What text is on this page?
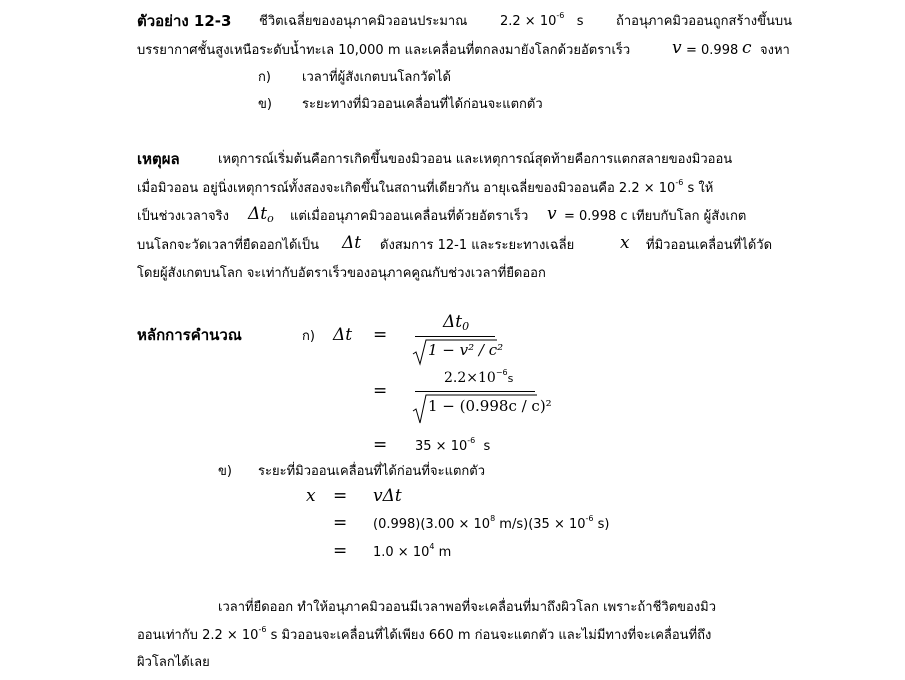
ตัวอย่าง 12-3 ชีวิตเฉลี่ยของอนุภาคมิวออนประมาณ	$2.2 \times 10^{-6}$ s ถ้าอนุภาคมิวออนถูกสร้างขึ้นบน
บรรยากาศชั้นสูงเหนือระดับน้ำทะเล 10,000 m และเคลื่อนที่ตกลงมายังโลกด้วยอัตราเร็ว v = 0.998 c จงหา
ก) เวลาที่ผู้สังเกตบนโลกวัดได้
ข) ระยะทางที่มิวออนเคลื่อนที่ได้ก่อนจะแตกตัว
เหตุผล	เหตุการณ์เริ่มต้นคือการเกิดขึ้นของมิวออน และเหตุการณ์สุดท้ายคือการแตกสลายของมิวออน
เมื่อมิวออน อยู่นิ่งเหตุการณ์ทั้งสองจะเกิดขึ้นในสถานที่เดียวกัน อายุเฉลี่ยของมิวออนคือ $2.2 \times 10^{-6}$ s ให้
เป็นช่วงเวลาจริง $\Delta t_o$ แต่เมื่ออนุภาคมิวออนเคลื่อนที่ด้วยอัตราเร็ว v = 0.998 c เทียบกับโลก ผู้สังเกต
บนโลกจะวัดเวลาที่ยืดออกได้เป็น Δt ดังสมการ 12-1 และระยะทางเฉลี่ย	x ที่มิวออนเคลื่อนที่ได้วัด
โดยผู้สังเกตบนโลก จะเท่ากับอัตราเร็วของอนุภาคคูณกับช่วงเวลาที่ยืดออก
หลักการคำนวณ	ก) Δt =
$\Delta t_0$
1 − v² / c²
=
$2.2\times 10^{-6}s$
1 − (0.998c / c)²
= $35 \times 10^{-6}$ s
ข) ระยะที่มิวออนเคลื่อนที่ได้ก่อนที่จะแตกตัว
x = vΔt
= $(0.998)(3.00 \times 10^8$ $m/s)(35 \times 10^{-6}$ s)
= $1.0 \times 10^4$ m
เวลาที่ยืดออก ทำให้อนุภาคมิวออนมีเวลาพอที่จะเคลื่อนที่มาถึงผิวโลก เพราะถ้าชีวิตของมิว
ออนเท่ากับ $2.2 \times 10^{-6}$ s มิวออนจะเคลื่อนที่ได้เพียง 660 m ก่อนจะแตกตัว และไม่มีทางที่จะเคลื่อนที่ถึง
ผิวโลกได้เลย
